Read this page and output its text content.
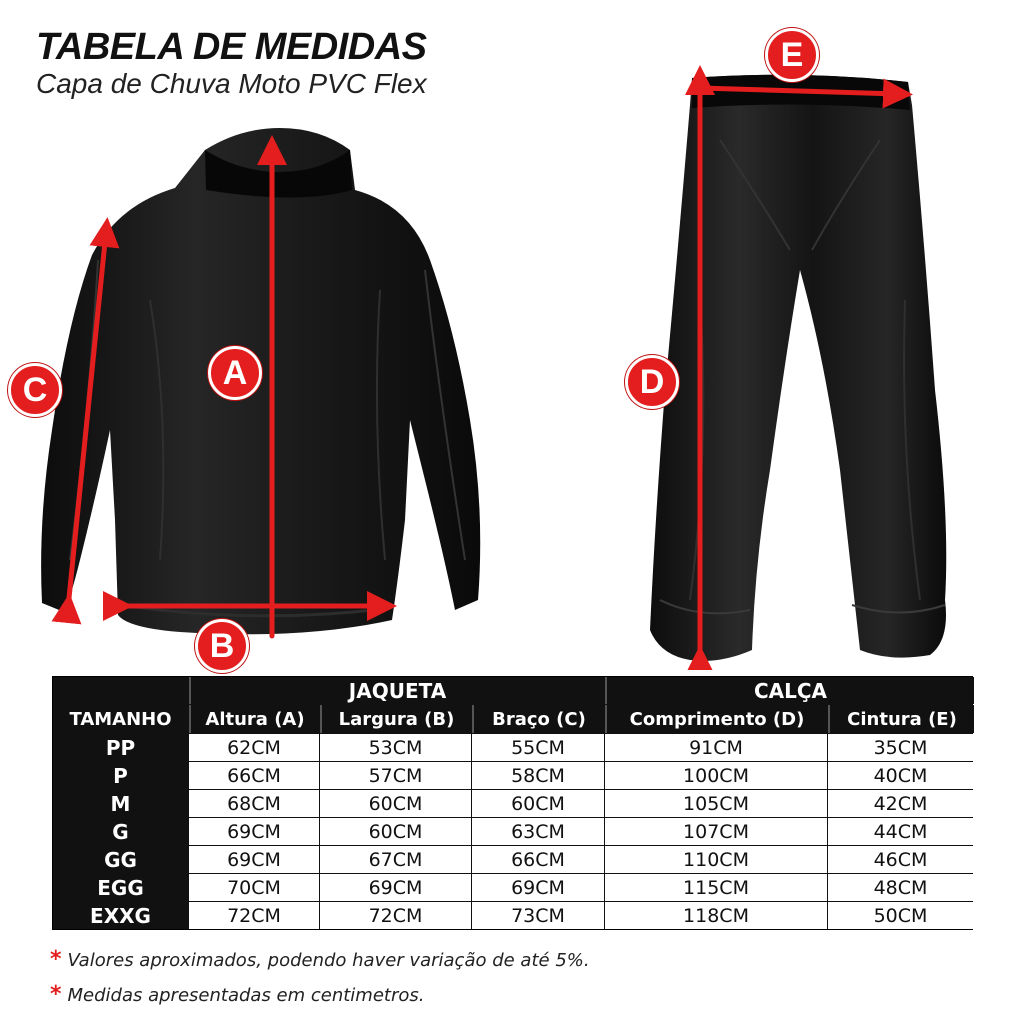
TABELA DE MEDIDAS
Capa de Chuva Moto PVC Flex
A
B
C	D
E
JAQUETA	CALÇA
TAMANHO	Altura (A)	Largura (B)	Braço (C)	Comprimento (D)	Cintura (E)
PP	62CM	53CM	55CM	91CM	35CM
P	66CM	57CM	58CM	100CM	40CM
M	68CM	60CM	60CM	105CM	42CM
G	69CM	60CM	63CM	107CM	44CM
GG	69CM	67CM	66CM	110CM	46CM
EGG	70CM	69CM	69CM	115CM	48CM
EXXG	72CM	72CM	73CM	118CM	50CM
* Valores aproximados, podendo haver variação de até 5%.
* Medidas apresentadas em centimetros.
